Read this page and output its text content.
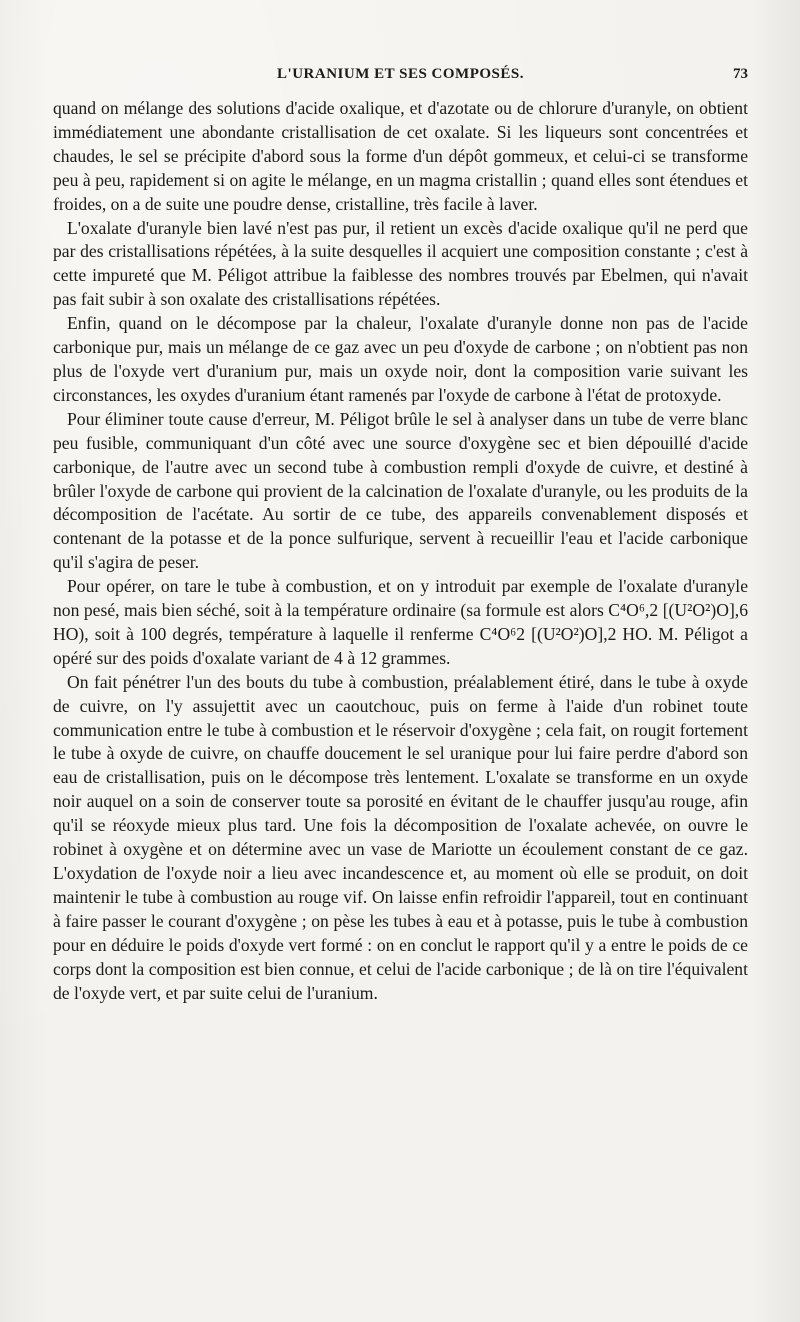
L'URANIUM ET SES COMPOSÉS.	73

quand on mélange des solutions d'acide oxalique, et d'azotate ou de chlorure d'uranyle, on obtient immédiatement une abondante cristallisation de cet oxalate. Si les liqueurs sont concentrées et chaudes, le sel se précipite d'abord sous la forme d'un dépôt gommeux, et celui-ci se transforme peu à peu, rapidement si on agite le mélange, en un magma cristallin ; quand elles sont étendues et froides, on a de suite une poudre dense, cristalline, très facile à laver.

L'oxalate d'uranyle bien lavé n'est pas pur, il retient un excès d'acide oxalique qu'il ne perd que par des cristallisations répétées, à la suite desquelles il acquiert une composition constante ; c'est à cette impureté que M. Péligot attribue la faiblesse des nombres trouvés par Ebelmen, qui n'avait pas fait subir à son oxalate des cristallisations répétées.

Enfin, quand on le décompose par la chaleur, l'oxalate d'uranyle donne non pas de l'acide carbonique pur, mais un mélange de ce gaz avec un peu d'oxyde de carbone ; on n'obtient pas non plus de l'oxyde vert d'uranium pur, mais un oxyde noir, dont la composition varie suivant les circonstances, les oxydes d'uranium étant ramenés par l'oxyde de carbone à l'état de protoxyde.

Pour éliminer toute cause d'erreur, M. Péligot brûle le sel à analyser dans un tube de verre blanc peu fusible, communiquant d'un côté avec une source d'oxygène sec et bien dépouillé d'acide carbonique, de l'autre avec un second tube à combustion rempli d'oxyde de cuivre, et destiné à brûler l'oxyde de carbone qui provient de la calcination de l'oxalate d'uranyle, ou les produits de la décomposition de l'acétate. Au sortir de ce tube, des appareils convenablement disposés et contenant de la potasse et de la ponce sulfurique, servent à recueillir l'eau et l'acide carbonique qu'il s'agira de peser.

Pour opérer, on tare le tube à combustion, et on y introduit par exemple de l'oxalate d'uranyle non pesé, mais bien séché, soit à la température ordinaire (sa formule est alors C⁴O⁶,2 [(U²O²)O],6 HO), soit à 100 degrés, température à laquelle il renferme C⁴O⁶2 [(U²O²)O],2 HO. M. Péligot a opéré sur des poids d'oxalate variant de 4 à 12 grammes.

On fait pénétrer l'un des bouts du tube à combustion, préalablement étiré, dans le tube à oxyde de cuivre, on l'y assujettit avec un caoutchouc, puis on ferme à l'aide d'un robinet toute communication entre le tube à combustion et le réservoir d'oxygène ; cela fait, on rougit fortement le tube à oxyde de cuivre, on chauffe doucement le sel uranique pour lui faire perdre d'abord son eau de cristallisation, puis on le décompose très lentement. L'oxalate se transforme en un oxyde noir auquel on a soin de conserver toute sa porosité en évitant de le chauffer jusqu'au rouge, afin qu'il se réoxyde mieux plus tard. Une fois la décomposition de l'oxalate achevée, on ouvre le robinet à oxygène et on détermine avec un vase de Mariotte un écoulement constant de ce gaz. L'oxydation de l'oxyde noir a lieu avec incandescence et, au moment où elle se produit, on doit maintenir le tube à combustion au rouge vif. On laisse enfin refroidir l'appareil, tout en continuant à faire passer le courant d'oxygène ; on pèse les tubes à eau et à potasse, puis le tube à combustion pour en déduire le poids d'oxyde vert formé : on en conclut le rapport qu'il y a entre le poids de ce corps dont la composition est bien connue, et celui de l'acide carbonique ; de là on tire l'équivalent de l'oxyde vert, et par suite celui de l'uranium.
